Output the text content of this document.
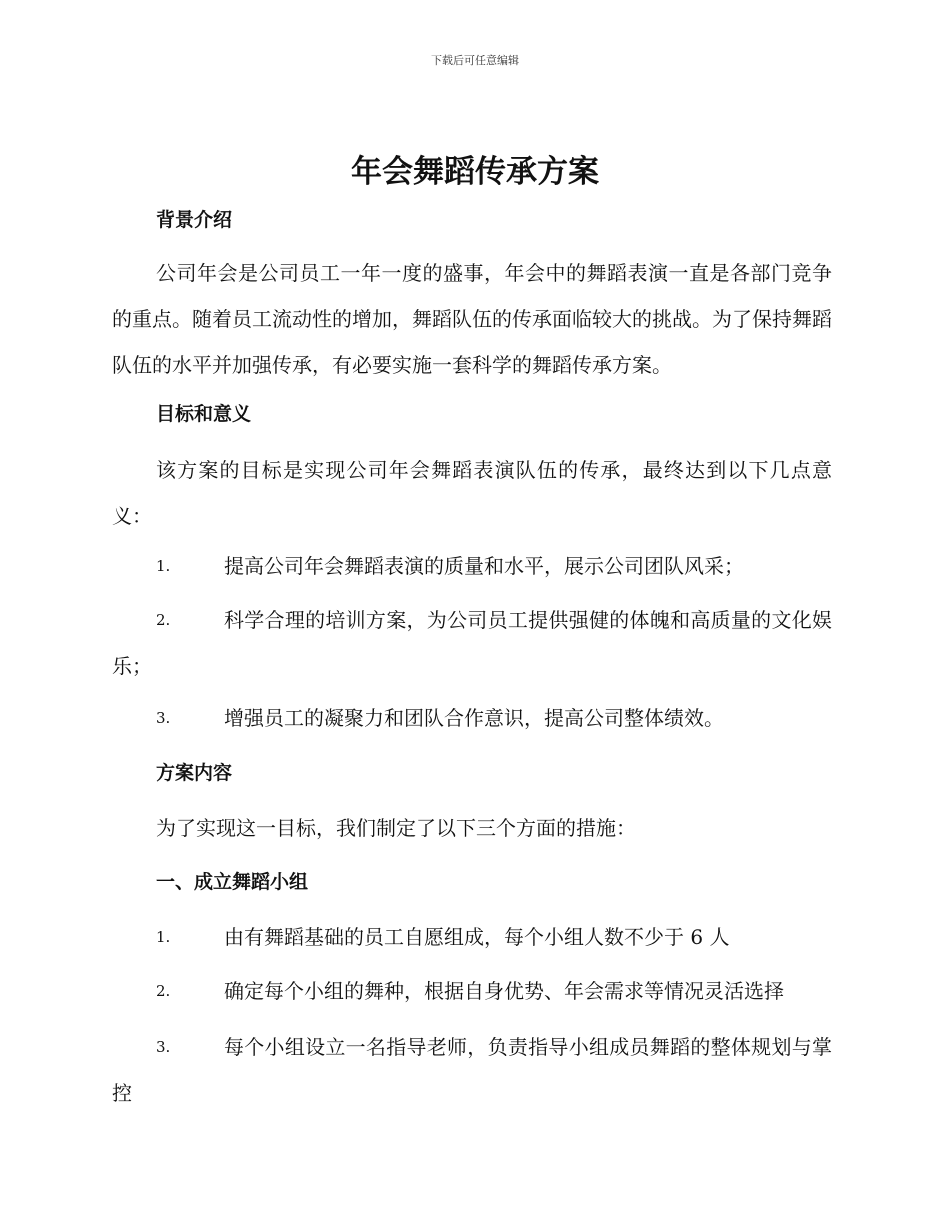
下载后可任意编辑
年会舞蹈传承方案

背景介绍

公司年会是公司员工一年一度的盛事，年会中的舞蹈表演一直是各部门竞争的重点。随着员工流动性的增加，舞蹈队伍的传承面临较大的挑战。为了保持舞蹈队伍的水平并加强传承，有必要实施一套科学的舞蹈传承方案。

目标和意义

该方案的目标是实现公司年会舞蹈表演队伍的传承，最终达到以下几点意义：

1.	提高公司年会舞蹈表演的质量和水平，展示公司团队风采；

2.	科学合理的培训方案，为公司员工提供强健的体魄和高质量的文化娱乐；

3.	增强员工的凝聚力和团队合作意识，提高公司整体绩效。

方案内容

为了实现这一目标，我们制定了以下三个方面的措施：

一、成立舞蹈小组

1.	由有舞蹈基础的员工自愿组成，每个小组人数不少于 6 人

2.	确定每个小组的舞种，根据自身优势、年会需求等情况灵活选择

3.	每个小组设立一名指导老师，负责指导小组成员舞蹈的整体规划与掌控
